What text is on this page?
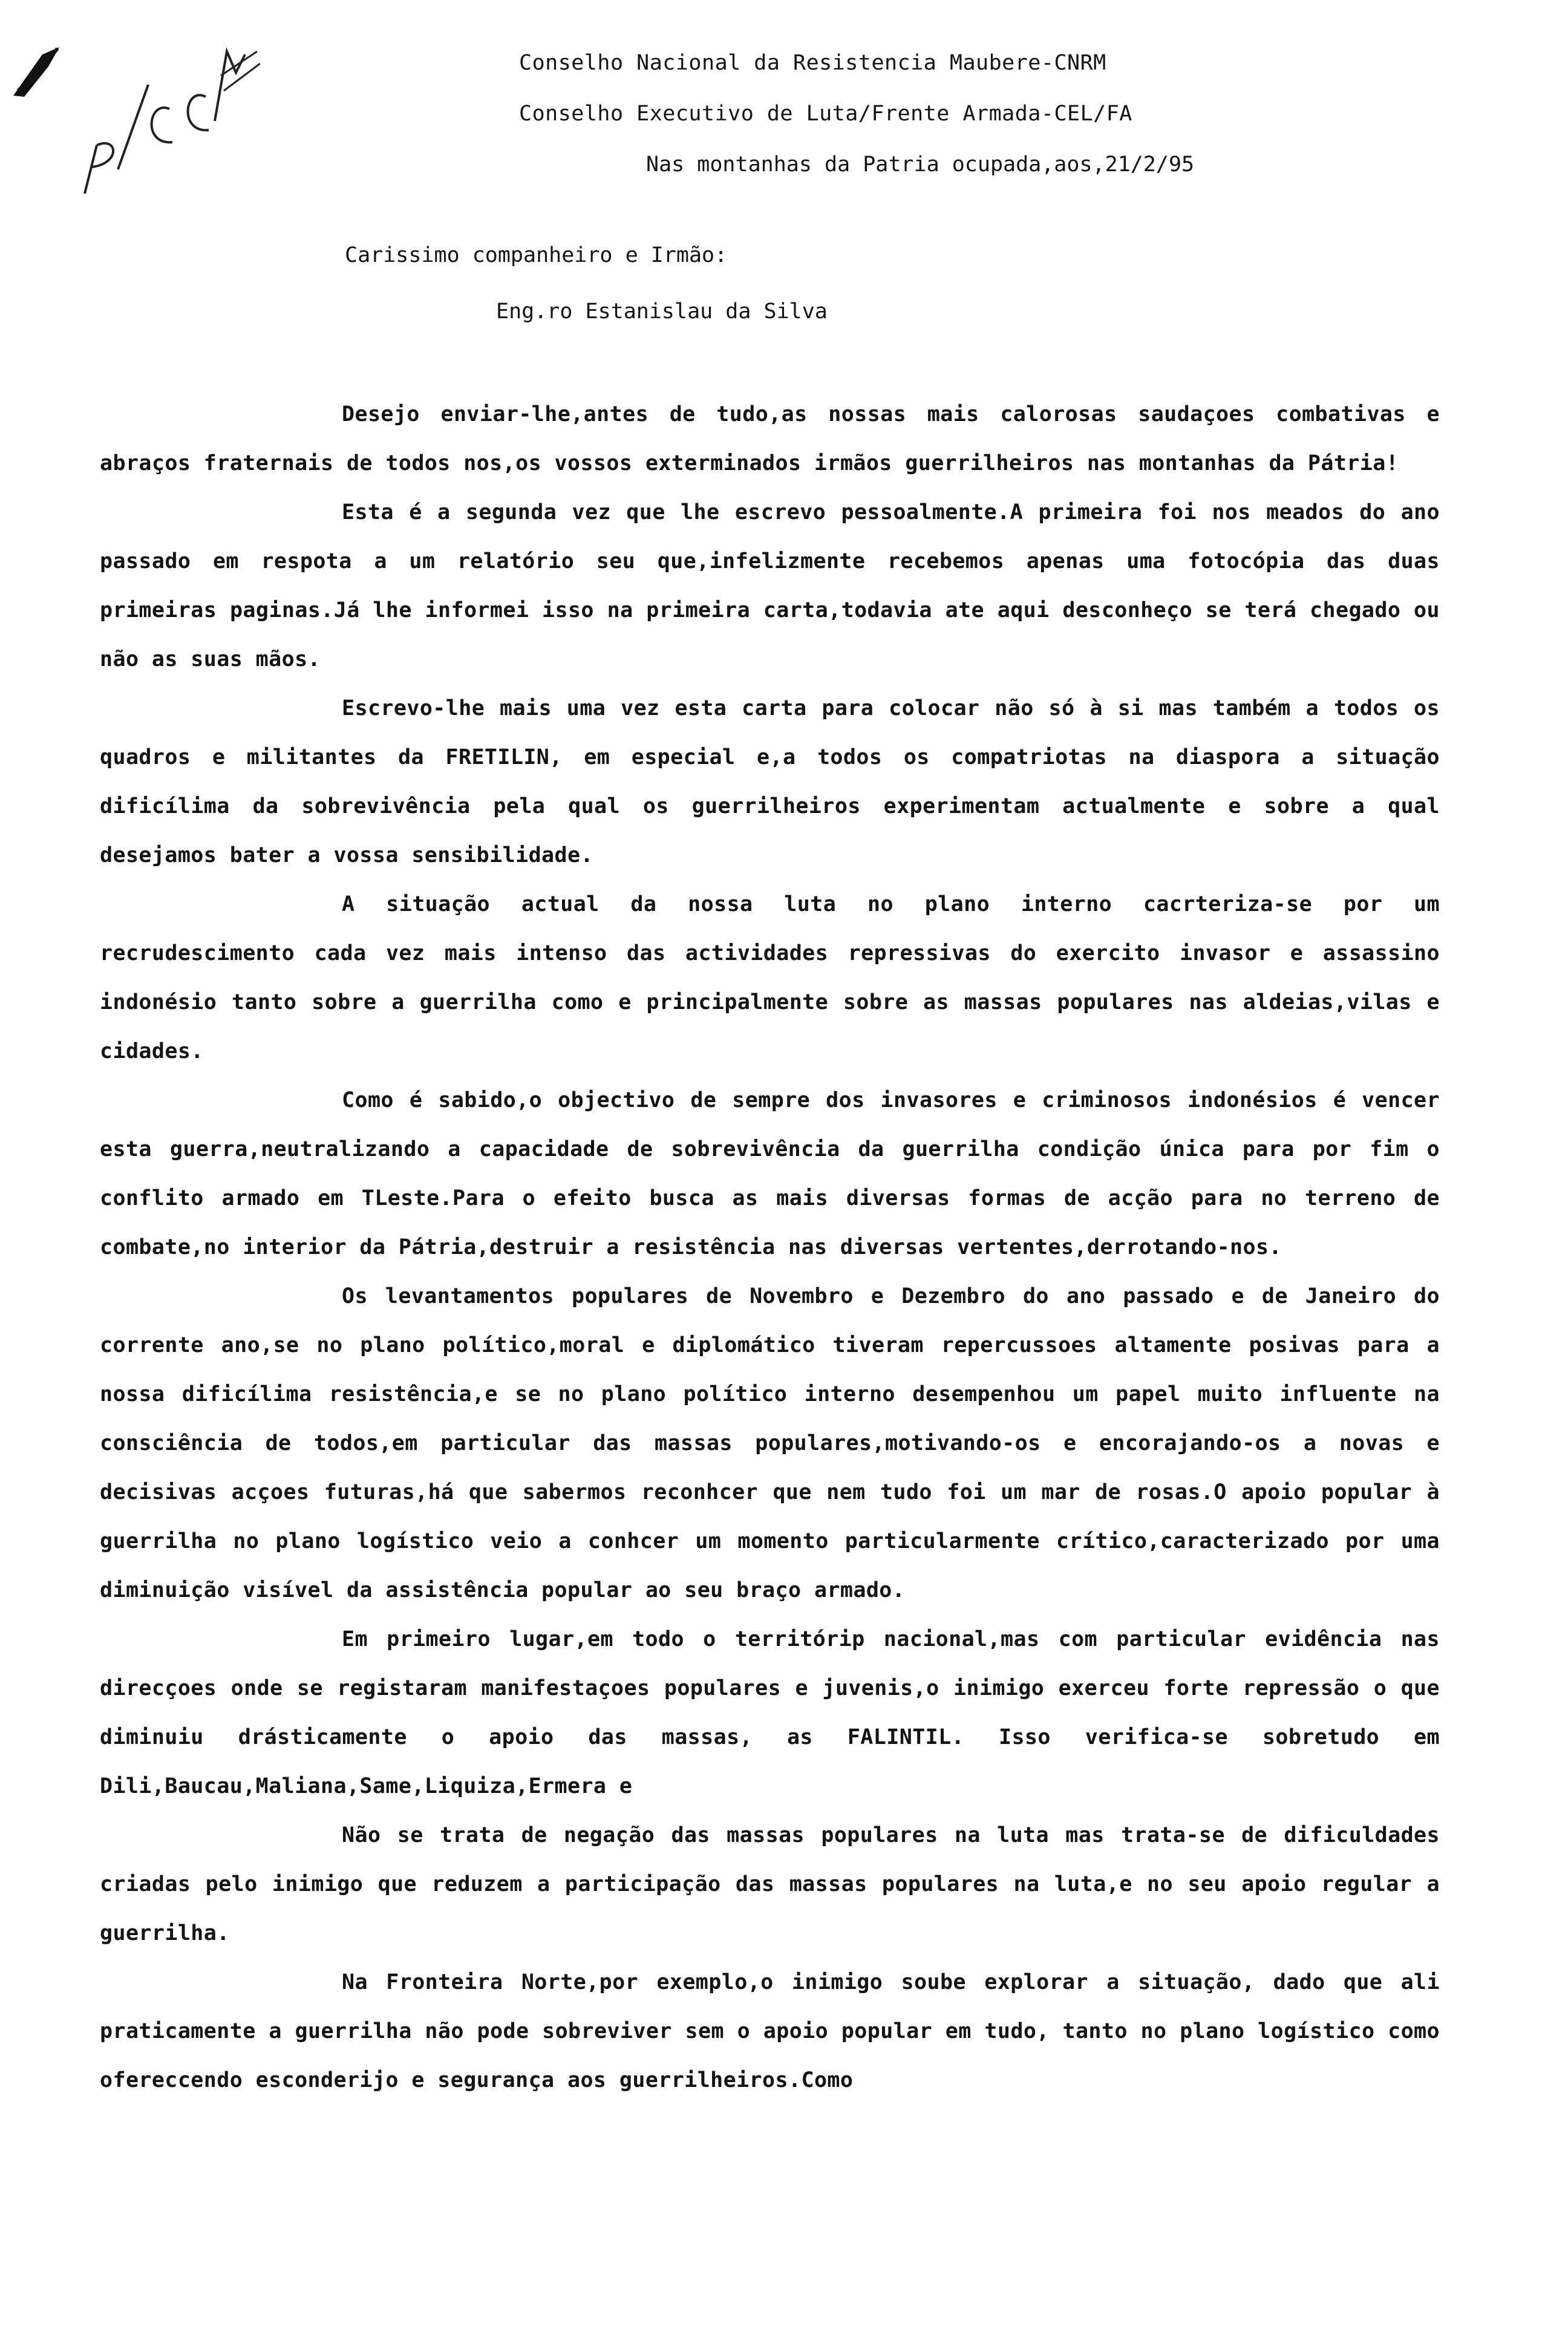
Conselho Nacional da Resistencia Maubere-CNRM
Conselho Executivo de Luta/Frente Armada-CEL/FA
Nas montanhas da Patria ocupada,aos,21/2/95
Carissimo companheiro e Irmão:
Eng.ro Estanislau da Silva

Desejo enviar-lhe,antes de tudo,as nossas mais calorosas saudaçoes combativas e abraços fraternais de todos nos,os vossos exterminados irmãos guerrilheiros nas montanhas da Pátria!

Esta é a segunda vez que lhe escrevo pessoalmente.A primeira foi nos meados do ano passado em respota a um relatório seu que,infelizmente recebemos apenas uma fotocópia das duas primeiras paginas.Já lhe informei isso na primeira carta,todavia ate aqui desconheço se terá chegado ou não as suas mãos.

Escrevo-lhe mais uma vez esta carta para colocar não só à si mas também a todos os quadros e militantes da FRETILIN, em especial e,a todos os compatriotas na diaspora a situação dificílima da sobrevivência pela qual os guerrilheiros experimentam actualmente e sobre a qual desejamos bater a vossa sensibilidade.

A situação actual da nossa luta no plano interno cacrteriza-se por um recrudescimento cada vez mais intenso das actividades repressivas do exercito invasor e assassino indonésio tanto sobre a guerrilha como e principalmente sobre as massas populares nas aldeias,vilas e cidades.

Como é sabido,o objectivo de sempre dos invasores e criminosos indonésios é vencer esta guerra,neutralizando a capacidade de sobrevivência da guerrilha condição única para por fim o conflito armado em TLeste.Para o efeito busca as mais diversas formas de acção para no terreno de combate,no interior da Pátria,destruir a resistência nas diversas vertentes,derrotando-nos.

Os levantamentos populares de Novembro e Dezembro do ano passado e de Janeiro do corrente ano,se no plano político,moral e diplomático tiveram repercussoes altamente posivas para a nossa dificílima resistência,e se no plano político interno desempenhou um papel muito influente na consciência de todos,em particular das massas populares,motivando-os e encorajando-os a novas e decisivas acçoes futuras,há que sabermos reconhcer que nem tudo foi um mar de rosas.O apoio popular à guerrilha no plano logístico veio a conhcer um momento particularmente crítico,caracterizado por uma diminuição visível da assistência popular ao seu braço armado.

Em primeiro lugar,em todo o territórip nacional,mas com particular evidência nas direcçoes onde se registaram manifestaçoes populares e juvenis,o inimigo exerceu forte repressão o que diminuiu drásticamente o apoio das massas, as FALINTIL. Isso verifica-se sobretudo em Dili,Baucau,Maliana,Same,Liquiza,Ermera e

Não se trata de negação das massas populares na luta mas trata-se de dificuldades criadas pelo inimigo que reduzem a participação das massas populares na luta,e no seu apoio regular a guerrilha.

Na Fronteira Norte,por exemplo,o inimigo soube explorar a situação, dado que ali praticamente a guerrilha não pode sobreviver sem o apoio popular em tudo, tanto no plano logístico como ofereccendo esconderijo e segurança aos guerrilheiros.Como
